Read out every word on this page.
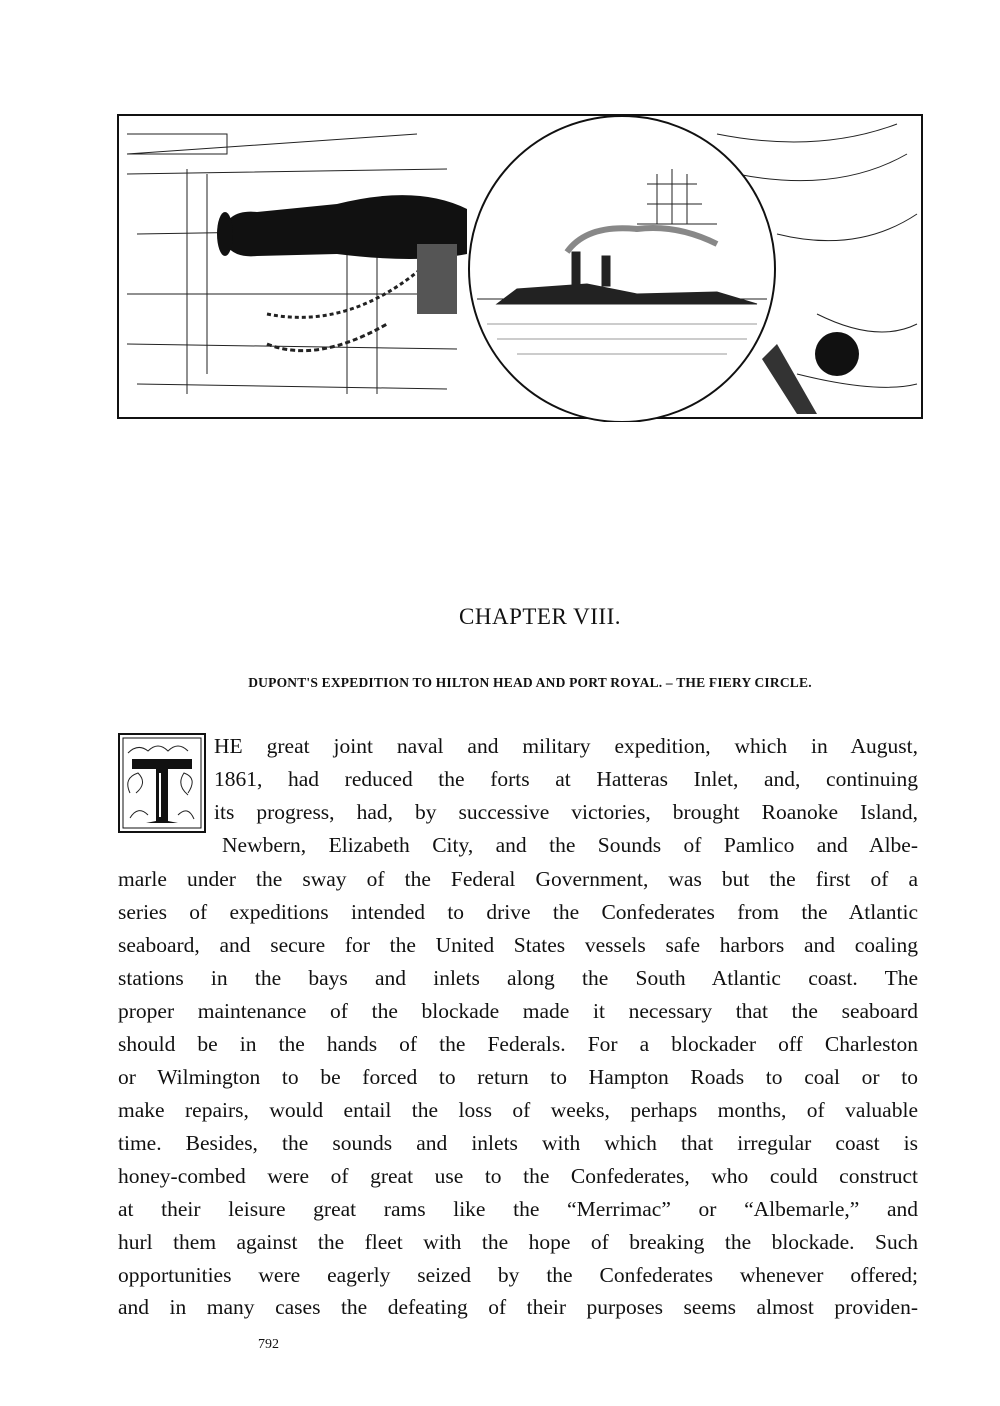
CHAPTER VIII.
DUPONT'S EXPEDITION TO HILTON HEAD AND PORT ROYAL. – THE FIERY CIRCLE.
HE great joint naval and military expedition, which in August,
1861, had reduced the forts at Hatteras Inlet, and, continuing
its progress, had, by successive victories, brought Roanoke Island,
Newbern, Elizabeth City, and the Sounds of Pamlico and Albe-
marle under the sway of the Federal Government, was but the first of a
series of expeditions intended to drive the Confederates from the Atlantic
seaboard, and secure for the United States vessels safe harbors and coaling
stations in the bays and inlets along the South Atlantic coast. The
proper maintenance of the blockade made it necessary that the seaboard
should be in the hands of the Federals. For a blockader off Charleston
or Wilmington to be forced to return to Hampton Roads to coal or to
make repairs, would entail the loss of weeks, perhaps months, of valuable
time. Besides, the sounds and inlets with which that irregular coast is
honey-combed were of great use to the Confederates, who could construct
at their leisure great rams like the “Merrimac” or “Albemarle,” and
hurl them against the fleet with the hope of breaking the blockade. Such
opportunities were eagerly seized by the Confederates whenever offered;
and in many cases the defeating of their purposes seems almost providen-
792
